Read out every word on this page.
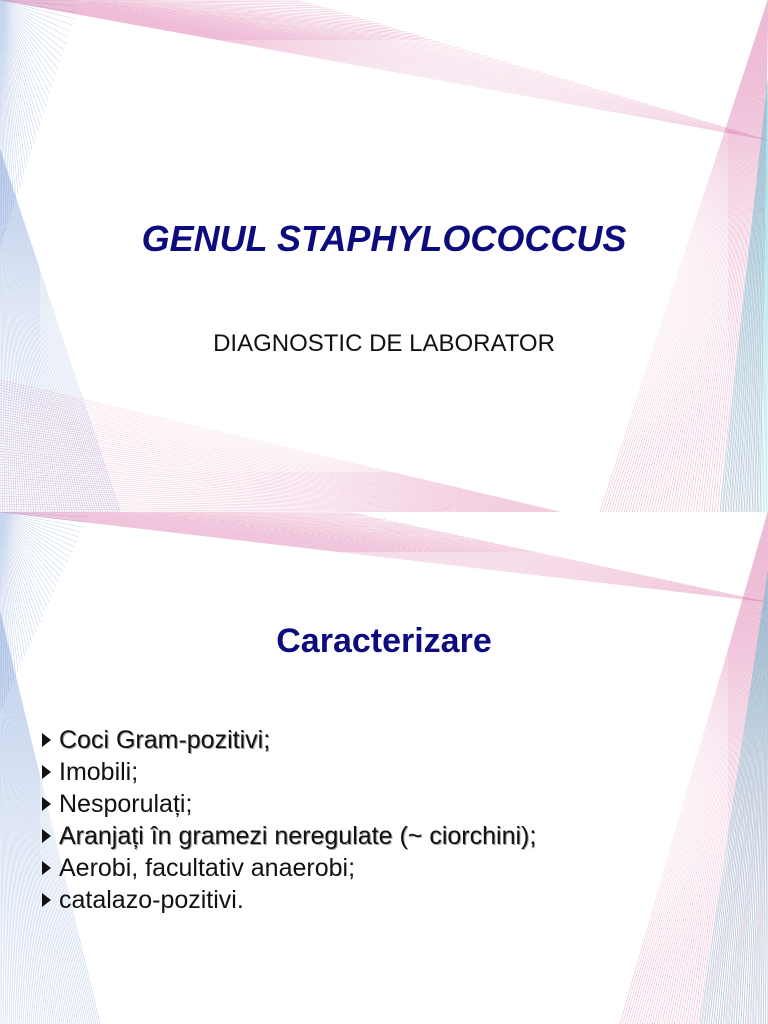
GENUL STAPHYLOCOCCUS

DIAGNOSTIC DE LABORATOR

Caracterizare
Coci Gram-pozitivi;
Imobili;
Nesporulați;
Aranjați în gramezi neregulate (~ ciorchini);
Aerobi, facultativ anaerobi;
catalazo-pozitivi.
